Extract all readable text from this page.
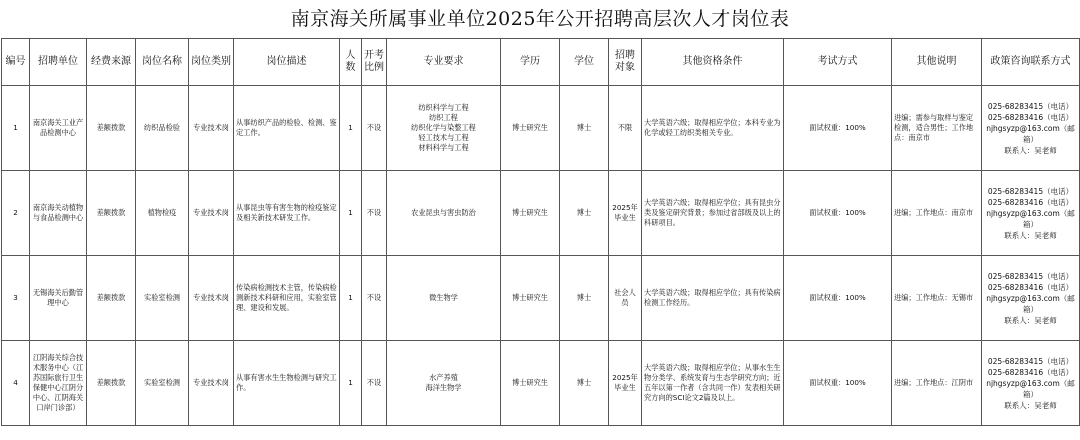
南京海关所属事业单位2025年公开招聘高层次人才岗位表
编号	招聘单位	经费来源	岗位名称	岗位类别	岗位描述	人数	开考比例	专业要求	学历	学位	招聘对象	其他资格条件	考试方式	其他说明	政策咨询联系方式
1	南京海关工业产品检测中心	差额拨款	纺织品检验	专业技术岗	从事纺织产品的检验、检测、鉴定工作。	1	不设	纺织科学与工程
纺织工程
纺织化学与染整工程
轻工技术与工程
材料科学与工程	博士研究生	博士	不限	大学英语六级；取得相应学位；本科专业为化学或轻工纺织类相关专业。	面试权重：100%	进编；需参与取样与鉴定检测，适合男性；工作地点：南京市	025-68283415（电话）
025-68283416（电话）
njhgsyzp@163.com（邮箱）
联系人：吴老师
2	南京海关动植物与食品检测中心	差额拨款	植物检疫	专业技术岗	从事昆虫等有害生物的检疫鉴定及相关新技术研发工作。	1	不设	农业昆虫与害虫防治	博士研究生	博士	2025年毕业生	大学英语六级；取得相应学位；具有昆虫分类及鉴定研究背景；参加过省部级及以上的科研项目。	面试权重：100%	进编；工作地点：南京市	025-68283415（电话）
025-68283416（电话）
njhgsyzp@163.com（邮箱）
联系人：吴老师
3	无锡海关后勤管理中心	差额拨款	实验室检测	专业技术岗	传染病检测技术主管，传染病检测新技术科研和应用，实验室管理、建设和发展。	1	不设	微生物学	博士研究生	博士	社会人员	大学英语六级；取得相应学位；具有传染病检测工作经历。	面试权重：100%	进编；工作地点：无锡市	025-68283415（电话）
025-68283416（电话）
njhgsyzp@163.com（邮箱）
联系人：吴老师
4	江阴海关综合技术服务中心（江苏国际旅行卫生保健中心江阴分中心、江阴海关口岸门诊部）	差额拨款	实验室检测	专业技术岗	从事有害水生生物检测与研究工作。	1	不设	水产养殖
海洋生物学	博士研究生	博士	2025年毕业生	大学英语六级；取得相应学位；从事水生生物分类学、系统发育与生态学研究方向；近五年以第一作者（含共同一作）发表相关研究方向的SCI论文2篇及以上。	面试权重：100%	进编；工作地点：江阴市	025-68283415（电话）
025-68283416（电话）
njhgsyzp@163.com（邮箱）
联系人：吴老师
